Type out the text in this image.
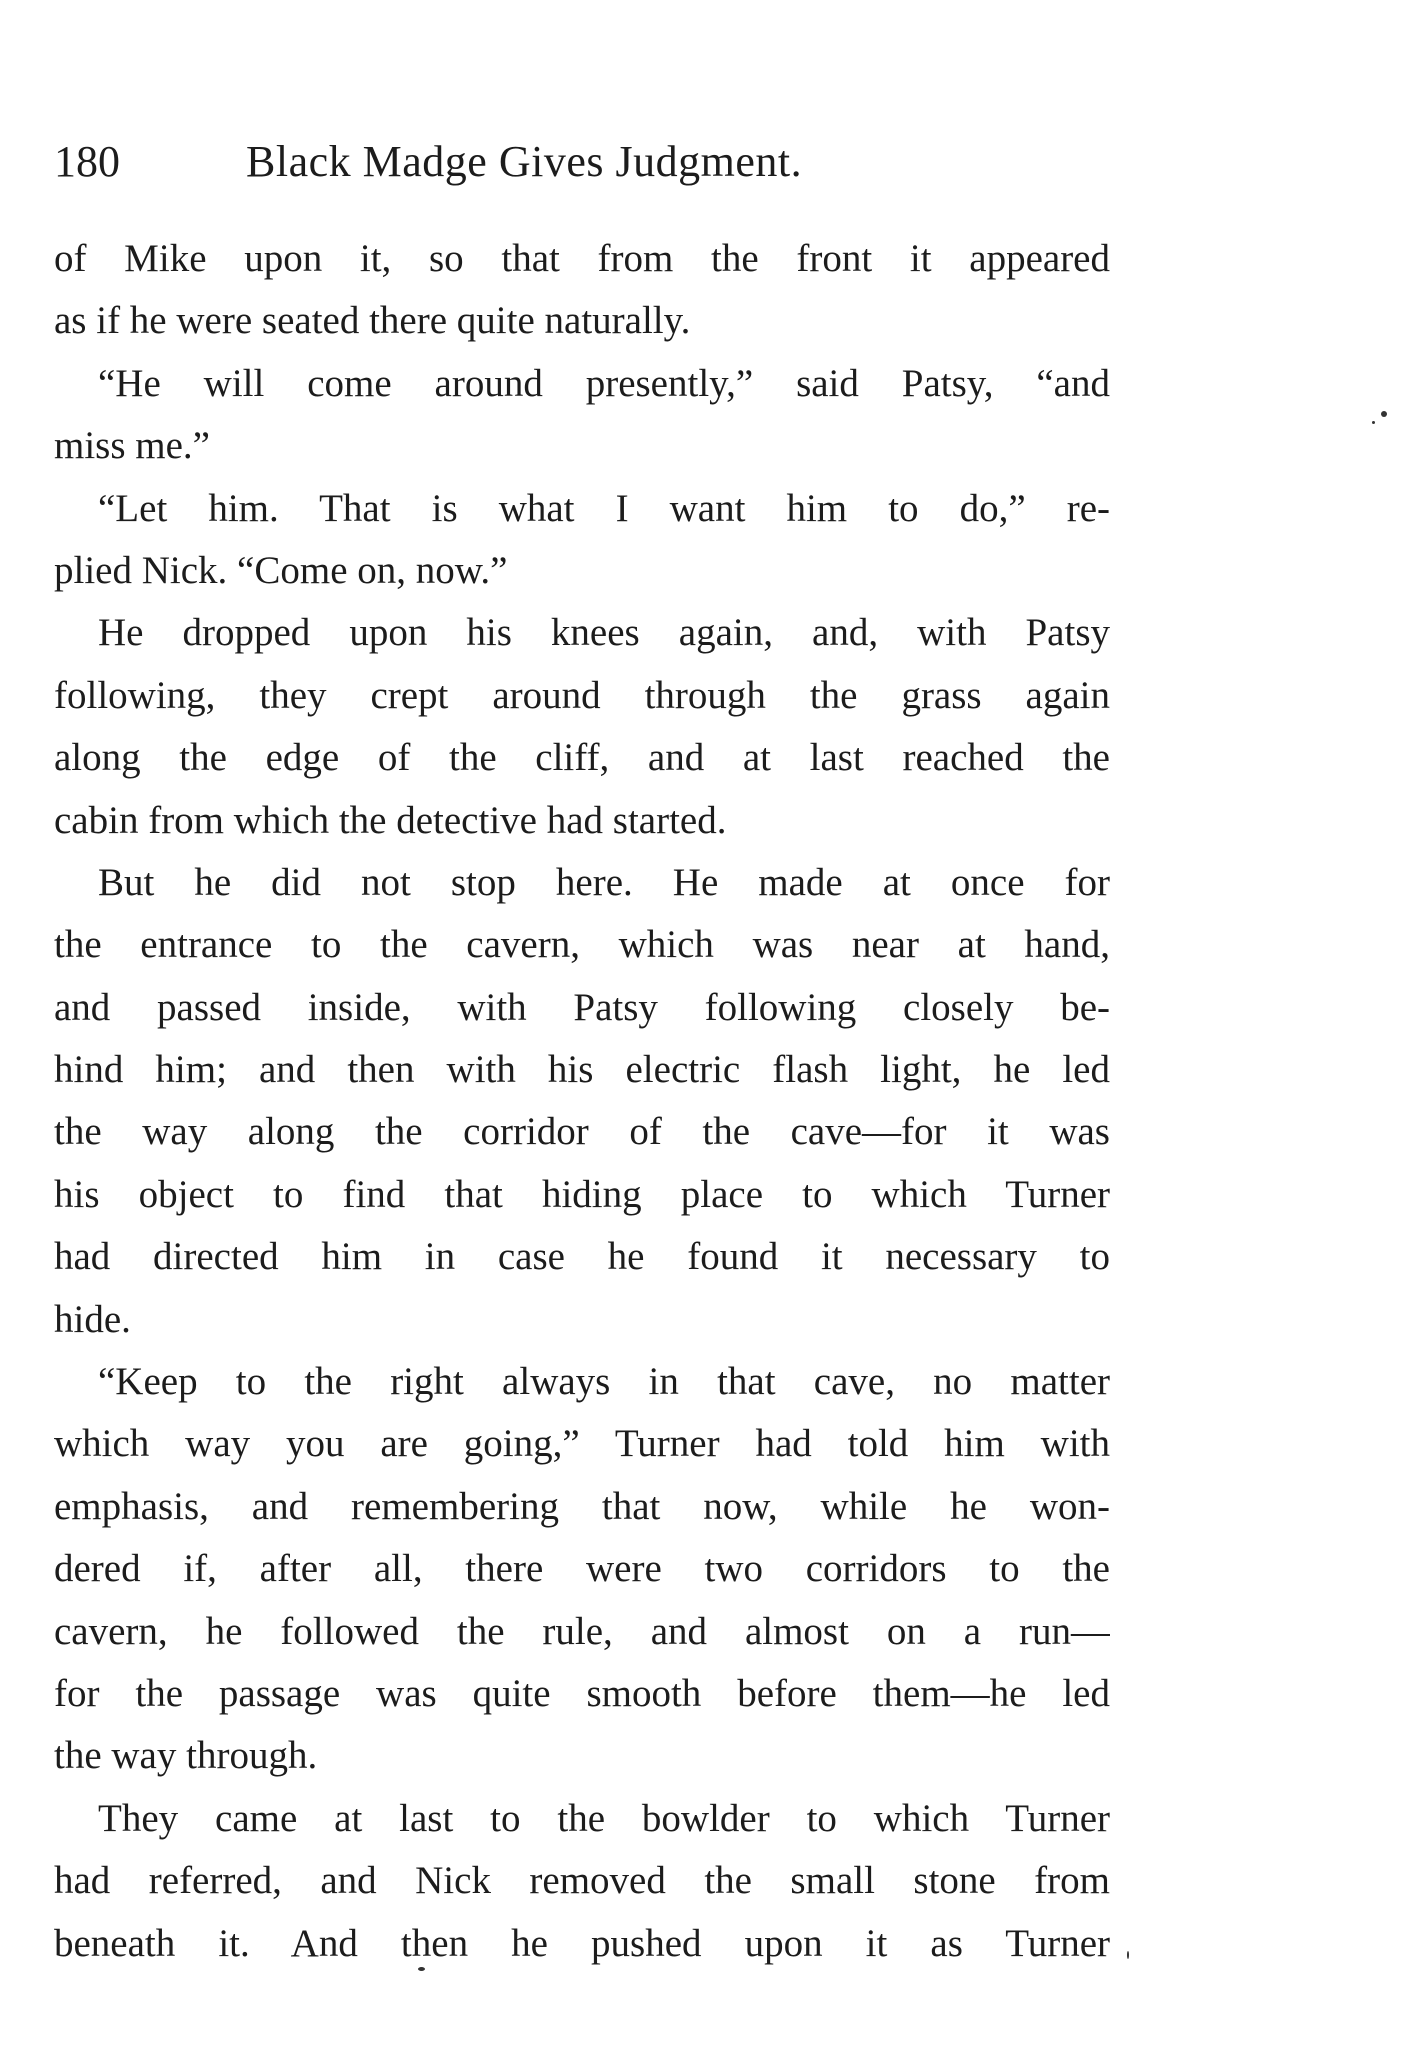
180	Black Madge Gives Judgment.
of Mike upon it, so that from the front it appeared
as if he were seated there quite naturally.
“He will come around presently,” said Patsy, “and
miss me.”
“Let him. That is what I want him to do,” re-
plied Nick. “Come on, now.”
He dropped upon his knees again, and, with Patsy
following, they crept around through the grass again
along the edge of the cliff, and at last reached the
cabin from which the detective had started.
But he did not stop here. He made at once for
the entrance to the cavern, which was near at hand,
and passed inside, with Patsy following closely be-
hind him; and then with his electric flash light, he led
the way along the corridor of the cave—for it was
his object to find that hiding place to which Turner
had directed him in case he found it necessary to
hide.
“Keep to the right always in that cave, no matter
which way you are going,” Turner had told him with
emphasis, and remembering that now, while he won-
dered if, after all, there were two corridors to the
cavern, he followed the rule, and almost on a run—
for the passage was quite smooth before them—he led
the way through.
They came at last to the bowlder to which Turner
had referred, and Nick removed the small stone from
beneath it. And then he pushed upon it as Turner
